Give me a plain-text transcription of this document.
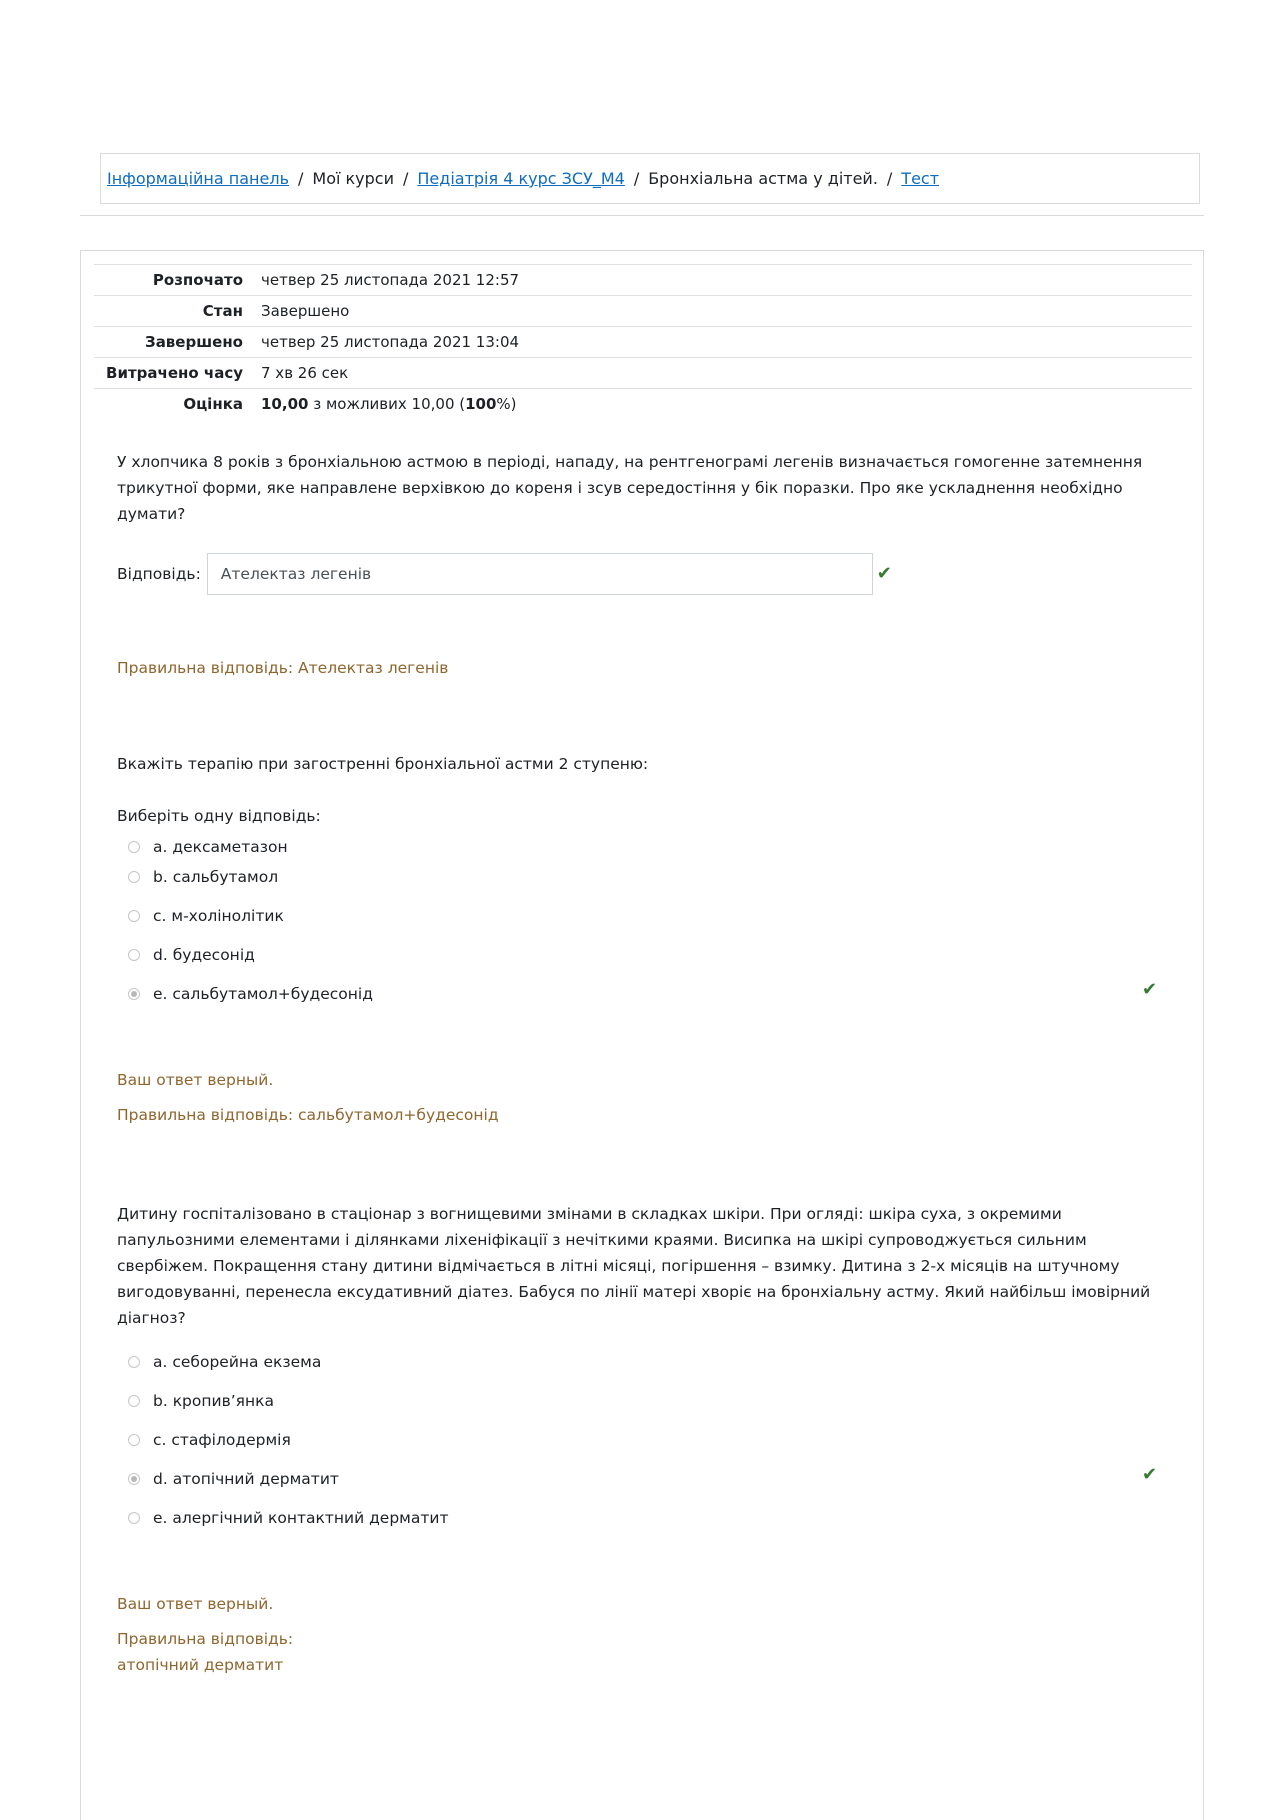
Інформаційна панель / Мої курси / Педіатрія 4 курс ЗСУ_М4 / Бронхіальна астма у дітей. / Тест
Розпочато	четвер 25 листопада 2021 12:57
Стан	Завершено
Завершено	четвер 25 листопада 2021 13:04
Витрачено часу	7 хв 26 сек
Оцінка	10,00 з можливих 10,00 (100%)

У хлопчика 8 років з бронхіальною астмою в періоді, нападу, на рентгенограмі легенів визначається гомогенне затемнення трикутної форми, яке направлене верхівкою до кореня і зсув середостіння у бік поразки. Про яке ускладнення необхідно думати?

Відповідь:	Ателектаз легенів	✔
Правильна відповідь: Ателектаз легенів

Вкажіть терапію при загостренні бронхіальної астми 2 ступеню:

Виберіть одну відповідь:

a. дексаметазон
b. сальбутамол
c. м-холінолітик
d. будесонід
e. сальбутамол+будесонід	✔
Ваш ответ верный.
Правильна відповідь: сальбутамол+будесонід

Дитину госпіталізовано в стаціонар з вогнищевими змінами в складках шкіри. При огляді: шкіра суха, з окремими папульозними елементами і ділянками ліхеніфікації з нечіткими краями. Висипка на шкірі супроводжується сильним свербіжем. Покращення стану дитини відмічається в літні місяці, погіршення – взимку. Дитина з 2-х місяців на штучному вигодовуванні, перенесла ексудативний діатез. Бабуся по лінії матері хворіє на бронхіальну астму. Який найбільш імовірний діагноз?

a. себорейна екзема
b. кропив’янка
c. стафілодермія
d. атопічний дерматит	✔
e. алергічний контактний дерматит
Ваш ответ верный.
Правильна відповідь:
атопічний дерматит
